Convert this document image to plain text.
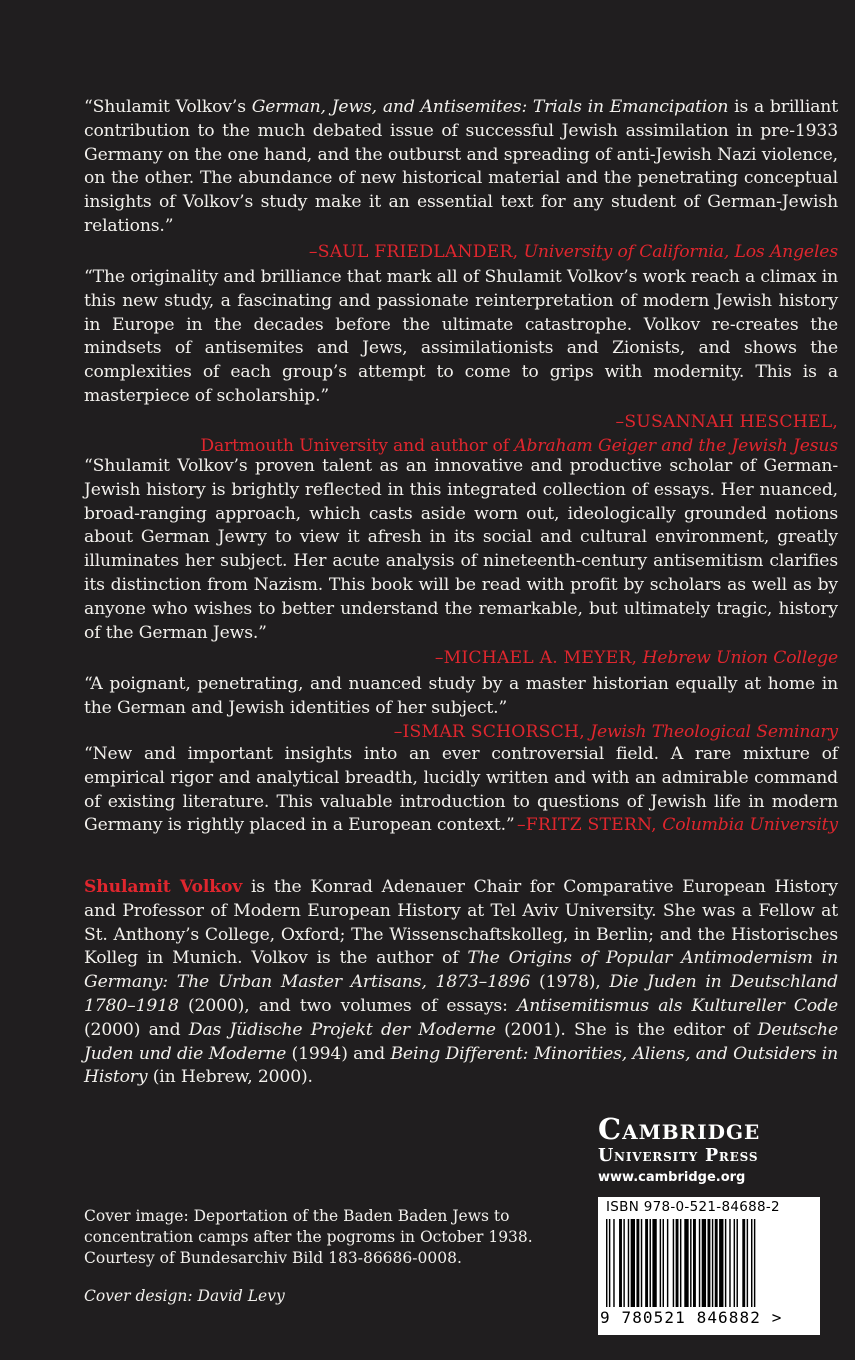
“Shulamit Volkov’s German, Jews, and Antisemites: Trials in Emancipation is a brilliant contribution to the much debated issue of successful Jewish assimilation in pre-1933 Germany on the one hand, and the outburst and spreading of anti-Jewish Nazi violence, on the other. The abundance of new historical material and the penetrating conceptual insights of Volkov’s study make it an essential text for any student of German-Jewish relations.”
–SAUL FRIEDLANDER, University of California, Los Angeles
“The originality and brilliance that mark all of Shulamit Volkov’s work reach a climax in this new study, a fascinating and passionate reinterpretation of modern Jewish history in Europe in the decades before the ultimate catastrophe. Volkov re-creates the mindsets of antisemites and Jews, assimilationists and Zionists, and shows the complexities of each group’s attempt to come to grips with modernity. This is a masterpiece of scholarship.”
–SUSANNAH HESCHEL,
Dartmouth University and author of Abraham Geiger and the Jewish Jesus
“Shulamit Volkov’s proven talent as an innovative and productive scholar of German-Jewish history is brightly reflected in this integrated collection of essays. Her nuanced, broad-ranging approach, which casts aside worn out, ideologically grounded notions about German Jewry to view it afresh in its social and cultural environment, greatly illuminates her subject. Her acute analysis of nineteenth-century antisemitism clarifies its distinction from Nazism. This book will be read with profit by scholars as well as by anyone who wishes to better understand the remarkable, but ultimately tragic, history of the German Jews.”
–MICHAEL A. MEYER, Hebrew Union College
“A poignant, penetrating, and nuanced study by a master historian equally at home in the German and Jewish identities of her subject.”
–ISMAR SCHORSCH, Jewish Theological Seminary
“New and important insights into an ever controversial field. A rare mixture of empirical rigor and analytical breadth, lucidly written and with an admirable command of existing literature. This valuable introduction to questions of Jewish life in modern Germany is rightly placed in a European context.” –FRITZ STERN, Columbia University
Shulamit Volkov is the Konrad Adenauer Chair for Comparative European History and Professor of Modern European History at Tel Aviv University. She was a Fellow at St. Anthony’s College, Oxford; The Wissenschaftskolleg, in Berlin; and the Historisches Kolleg in Munich. Volkov is the author of The Origins of Popular Antimodernism in Germany: The Urban Master Artisans, 1873–1896 (1978), Die Juden in Deutschland 1780–1918 (2000), and two volumes of essays: Antisemitismus als Kultureller Code (2000) and Das Jüdische Projekt der Moderne (2001). She is the editor of Deutsche Juden und die Moderne (1994) and Being Different: Minorities, Aliens, and Outsiders in History (in Hebrew, 2000).
Cambridge
University Press
www.cambridge.org
Cover image: Deportation of the Baden Baden Jews to concentration camps after the pogroms in October 1938. Courtesy of Bundesarchiv Bild 183-86686-0008.
Cover design: David Levy
ISBN 978-0-521-84688-2
9 780521 846882 >
